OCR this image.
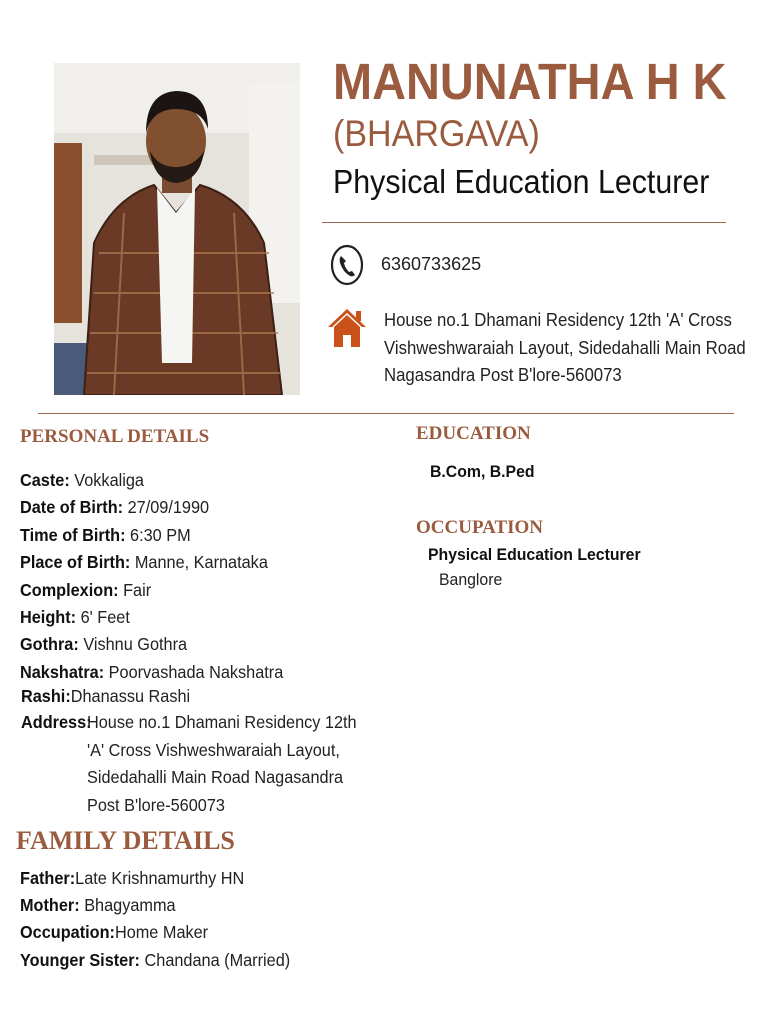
MANUNATHA H K
(BHARGAVA)
Physical Education Lecturer
6360733625
House no.1 Dhamani Residency 12th 'A' Cross
Vishweshwaraiah Layout, Sidedahalli Main Road
Nagasandra Post B'lore-560073
PERSONAL DETAILS
Caste: Vokkaliga
Date of Birth: 27/09/1990
Time of Birth: 6:30 PM
Place of Birth: Manne, Karnataka
Complexion: Fair
Height: 6' Feet
Gothra: Vishnu Gothra
Nakshatra: Poorvashada Nakshatra
Rashi:Dhanassu Rashi
Address:
House no.1 Dhamani Residency 12th
'A' Cross Vishweshwaraiah Layout,
Sidedahalli Main Road Nagasandra
Post B'lore-560073
EDUCATION
B.Com, B.Ped
OCCUPATION
Physical Education Lecturer
Banglore
FAMILY DETAILS
Father:Late Krishnamurthy HN
Mother: Bhagyamma
Occupation:Home Maker
Younger Sister: Chandana (Married)
